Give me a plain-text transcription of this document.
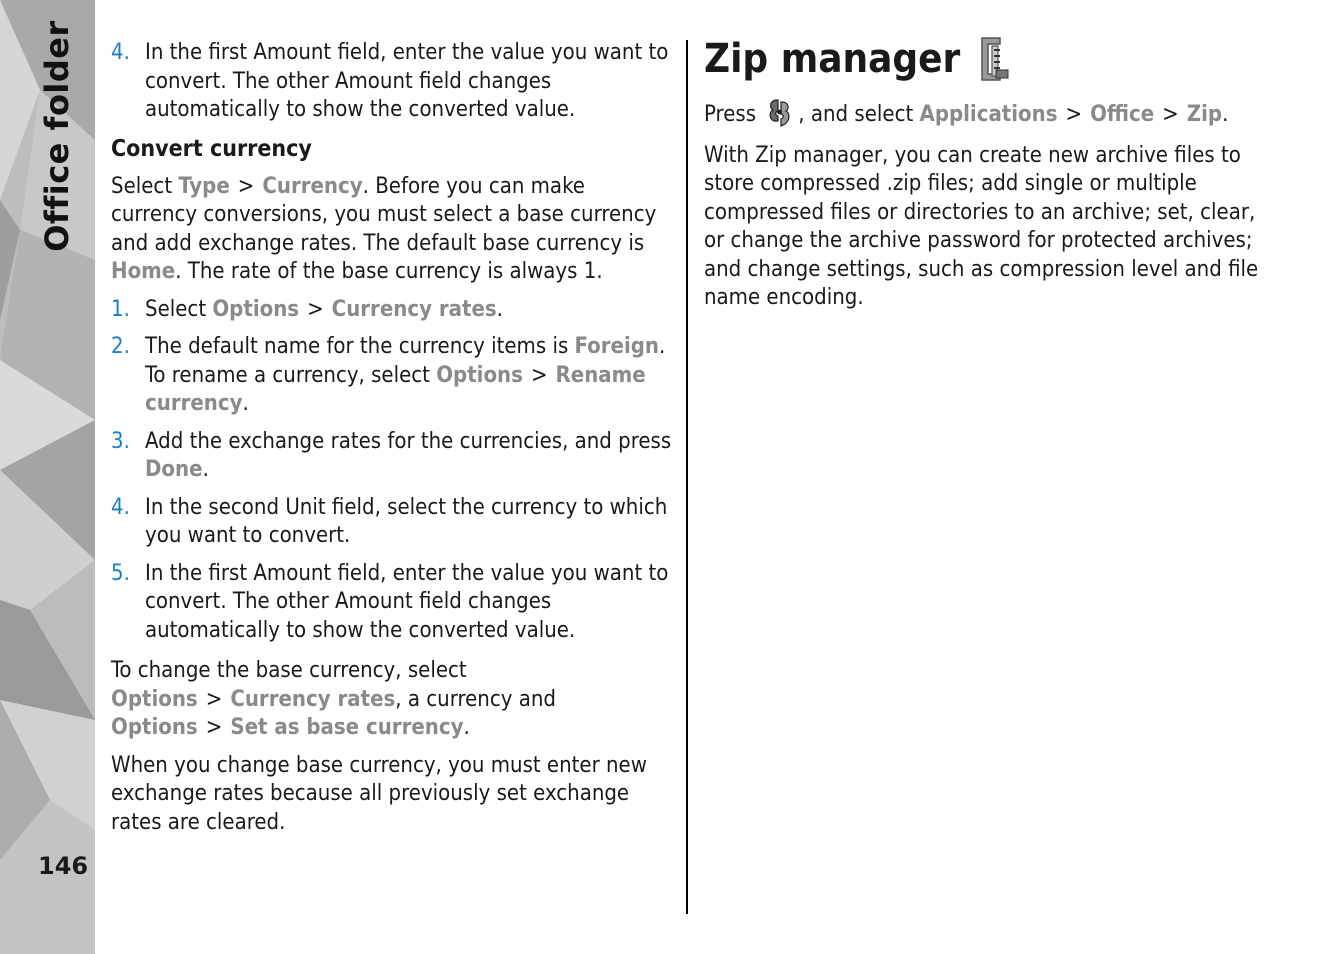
Office folder
146
4. In the first Amount field, enter the value you want to convert. The other Amount field changes automatically to show the converted value.
Convert currency

Select Type > Currency. Before you can make currency conversions, you must select a base currency and add exchange rates. The default base currency is Home. The rate of the base currency is always 1.

1. Select Options > Currency rates.
2. The default name for the currency items is Foreign. To rename a currency, select Options > Rename currency.
3. Add the exchange rates for the currencies, and press Done.
4. In the second Unit field, select the currency to which you want to convert.
5. In the first Amount field, enter the value you want to convert. The other Amount field changes automatically to show the converted value.

To change the base currency, select Options > Currency rates, a currency and Options > Set as base currency.

When you change base currency, you must enter new exchange rates because all previously set exchange rates are cleared.

Zip manager

Press , and select Applications > Office > Zip.

With Zip manager, you can create new archive files to store compressed .zip files; add single or multiple compressed files or directories to an archive; set, clear, or change the archive password for protected archives; and change settings, such as compression level and file name encoding.
